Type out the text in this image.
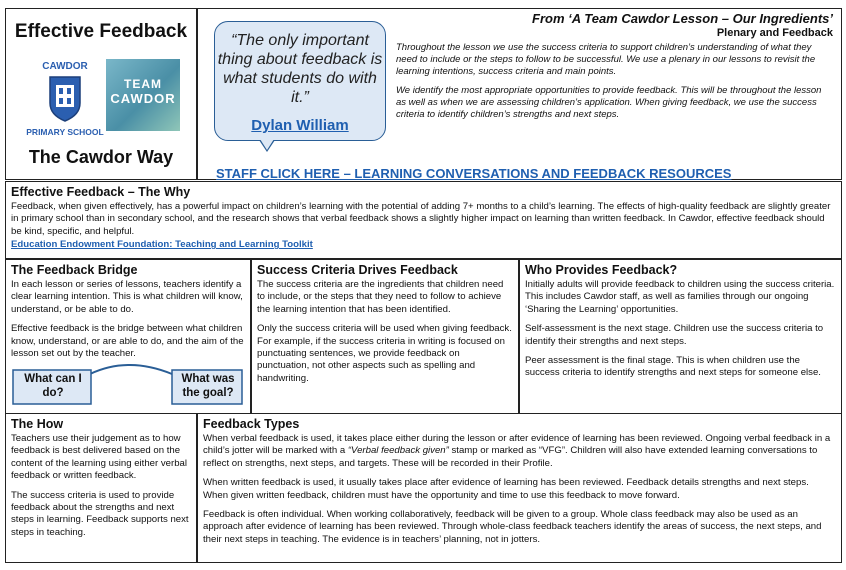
Effective Feedback
CAWDOR
PRIMARY SCHOOL
TEAM
CAWDOR
The Cawdor Way
“The only important thing about feedback is what students do with it.”
Dylan William
From ‘A Team Cawdor Lesson – Our Ingredients’
Plenary and Feedback

Throughout the lesson we use the success criteria to support children’s understanding of what they need to include or the steps to follow to be successful. We use a plenary in our lessons to revisit the learning intentions, success criteria and main points.

We identify the most appropriate opportunities to provide feedback. This will be throughout the lesson as well as when we are assessing children’s application. When giving feedback, we use the success criteria to identify children’s strengths and next steps.

STAFF CLICK HERE – LEARNING CONVERSATIONS AND FEEDBACK RESOURCES
Effective Feedback – The Why
Feedback, when given effectively, has a powerful impact on children’s learning with the potential of adding 7+ months to a child’s learning. The effects of high-quality feedback are slightly greater in primary school than in secondary school, and the research shows that verbal feedback shows a slightly higher impact on learning than written feedback. In Cawdor, effective feedback should be kind, specific, and helpful.
Education Endowment Foundation: Teaching and Learning Toolkit
The Feedback Bridge
In each lesson or series of lessons, teachers identify a clear learning intention. This is what children will know, understand, or be able to do.
Effective feedback is the bridge between what children know, understand, or are able to do, and the aim of the lesson set out by the teacher.
What can I do?
What was the goal?
Success Criteria Drives Feedback
The success criteria are the ingredients that children need to include, or the steps that they need to follow to achieve the learning intention that has been identified.
Only the success criteria will be used when giving feedback. For example, if the success criteria in writing is focused on punctuating sentences, we provide feedback on punctuation, not other aspects such as spelling and handwriting.
Who Provides Feedback?
Initially adults will provide feedback to children using the success criteria. This includes Cawdor staff, as well as families through our ongoing ‘Sharing the Learning’ opportunities.
Self-assessment is the next stage. Children use the success criteria to identify their strengths and next steps.
Peer assessment is the final stage. This is when children use the success criteria to identify strengths and next steps for someone else.
The How
Teachers use their judgement as to how feedback is best delivered based on the content of the learning using either verbal feedback or written feedback.
The success criteria is used to provide feedback about the strengths and next steps in learning. Feedback supports next steps in teaching.
Feedback Types
When verbal feedback is used, it takes place either during the lesson or after evidence of learning has been reviewed. Ongoing verbal feedback in a child’s jotter will be marked with a “Verbal feedback given” stamp or marked as “VFG”. Children will also have extended learning conversations to reflect on strengths, next steps, and targets. These will be recorded in their Profile.
When written feedback is used, it usually takes place after evidence of learning has been reviewed. Feedback details strengths and next steps. When given written feedback, children must have the opportunity and time to use this feedback to move forward.
Feedback is often individual. When working collaboratively, feedback will be given to a group. Whole class feedback may also be used as an approach after evidence of learning has been reviewed. Through whole-class feedback teachers identify the areas of success, the next steps, and their next steps in teaching. The evidence is in teachers’ planning, not in jotters.
